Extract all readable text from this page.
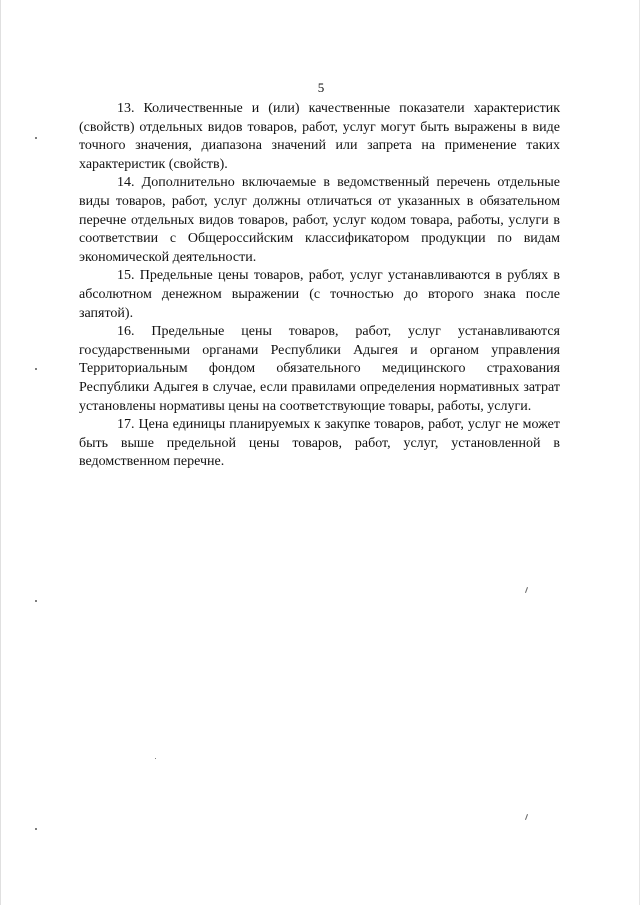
5

13. Количественные и (или) качественные показатели характеристик (свойств) отдельных видов товаров, работ, услуг могут быть выражены в виде точного значения, диапазона значений или запрета на применение таких характеристик (свойств).

14. Дополнительно включаемые в ведомственный перечень отдельные виды товаров, работ, услуг должны отличаться от указанных в обязательном перечне отдельных видов товаров, работ, услуг кодом товара, работы, услуги в соответствии с Общероссийским классификатором продукции по видам экономической деятельности.

15. Предельные цены товаров, работ, услуг устанавливаются в рублях в абсолютном денежном выражении (с точностью до второго знака после запятой).

16. Предельные цены товаров, работ, услуг устанавливаются государственными органами Республики Адыгея и органом управления Территориальным фондом обязательного медицинского страхования Республики Адыгея в случае, если правилами определения нормативных затрат установлены нормативы цены на соответствующие товары, работы, услуги.

17. Цена единицы планируемых к закупке товаров, работ, услуг не может быть выше предельной цены товаров, работ, услуг, установленной в ведомственном перечне.
